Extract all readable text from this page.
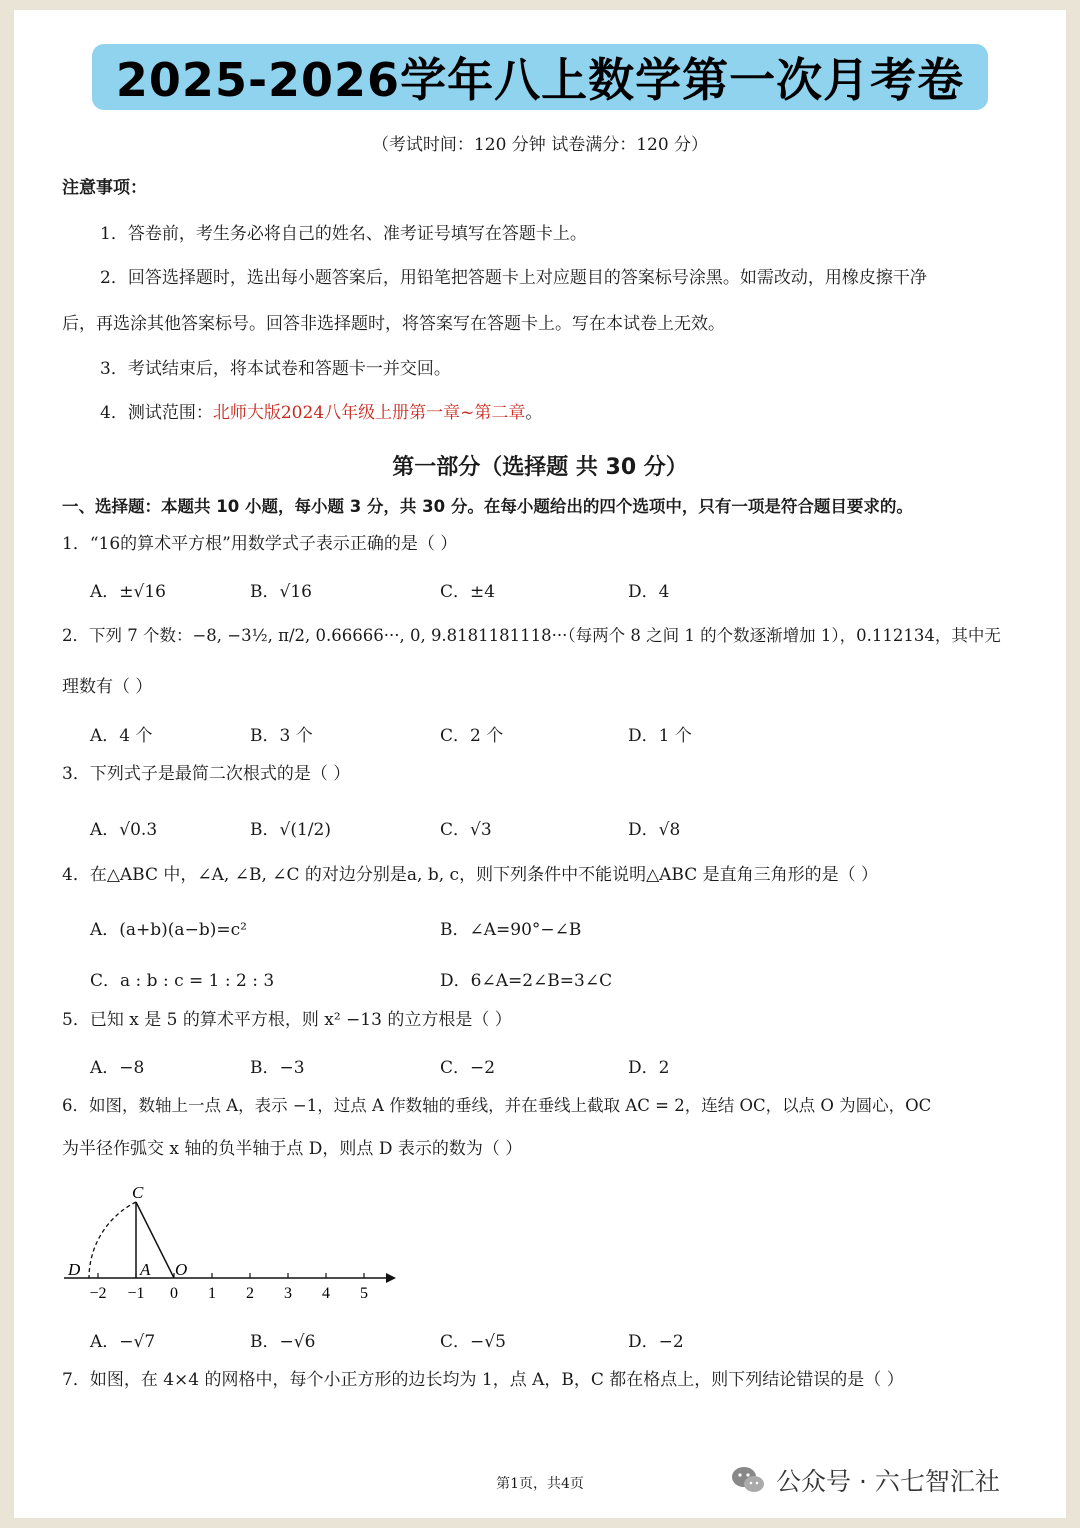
2025-2026学年八上数学第一次月考卷
（考试时间：120 分钟 试卷满分：120 分）
注意事项：
1．答卷前，考生务必将自己的姓名、准考证号填写在答题卡上。
2．回答选择题时，选出每小题答案后，用铅笔把答题卡上对应题目的答案标号涂黑。如需改动，用橡皮擦干净
后，再选涂其他答案标号。回答非选择题时，将答案写在答题卡上。写在本试卷上无效。
3．考试结束后，将本试卷和答题卡一并交回。
4．测试范围：北师大版2024八年级上册第一章~第二章。
第一部分（选择题 共 30 分）
一、选择题：本题共 10 小题，每小题 3 分，共 30 分。在每小题给出的四个选项中，只有一项是符合题目要求的。
1．“16的算术平方根”用数学式子表示正确的是（ ）
A．±√16	B．√16	C．±4	D．4
2．下列 7 个数：−8, −3½, π/2, 0.66666···, 0, 9.8181181118···（每两个 8 之间 1 的个数逐渐增加 1），0.112134，其中无
理数有（ ）
A．4 个	B．3 个	C．2 个	D．1 个
3．下列式子是最简二次根式的是（ ）
A．√0.3	B．√(1/2)	C．√3	D．√8
4．在△ABC 中，∠A, ∠B, ∠C 的对边分别是a, b, c，则下列条件中不能说明△ABC 是直角三角形的是（ ）
A．(a+b)(a−b)=c²	B．∠A=90°−∠B
C．a : b : c = 1 : 2 : 3	D．6∠A=2∠B=3∠C
5．已知 x 是 5 的算术平方根，则 x² −13 的立方根是（ ）
A．−8	B．−3	C．−2	D．2
6．如图，数轴上一点 A，表示 −1，过点 A 作数轴的垂线，并在垂线上截取 AC = 2，连结 OC，以点 O 为圆心，OC
为半径作弧交 x 轴的负半轴于点 D，则点 D 表示的数为（ ）
C
D	A O
−2 −1 0 1 2 3 4 5
A．−√7	B．−√6	C．−√5	D．−2
7．如图，在 4×4 的网格中，每个小正方形的边长均为 1，点 A，B，C 都在格点上，则下列结论错误的是（ ）
第1页，共4页	公众号 · 六七智汇社
